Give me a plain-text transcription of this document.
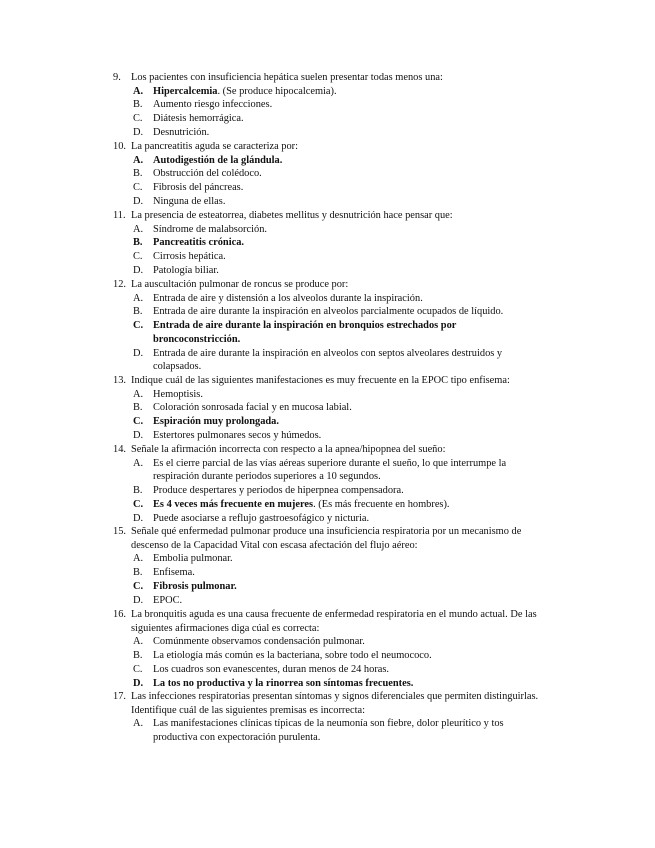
9. Los pacientes con insuficiencia hepática suelen presentar todas menos una:
A. Hipercalcemia. (Se produce hipocalcemia).
B. Aumento riesgo infecciones.
C. Diátesis hemorrágica.
D. Desnutrición.
10. La pancreatitis aguda se caracteriza por:
A. Autodigestión de la glándula.
B. Obstrucción del colédoco.
C. Fibrosis del páncreas.
D. Ninguna de ellas.
11. La presencia de esteatorrea, diabetes mellitus y desnutrición hace pensar que:
A. Síndrome de malabsorción.
B. Pancreatitis crónica.
C. Cirrosis hepática.
D. Patología biliar.
12. La auscultación pulmonar de roncus se produce por:
A. Entrada de aire y distensión a los alveolos durante la inspiración.
B. Entrada de aire durante la inspiración en alveolos parcialmente ocupados de líquido.
C. Entrada de aire durante la inspiración en bronquios estrechados por broncoconstricción.
D. Entrada de aire durante la inspiración en alveolos con septos alveolares destruidos y colapsados.
13. Indique cuál de las siguientes manifestaciones es muy frecuente en la EPOC tipo enfisema:
A. Hemoptisis.
B. Coloración sonrosada facial y en mucosa labial.
C. Espiración muy prolongada.
D. Estertores pulmonares secos y húmedos.
14. Señale la afirmación incorrecta con respecto a la apnea/hipopnea del sueño:
A. Es el cierre parcial de las vías aéreas superiore durante el sueño, lo que interrumpe la respiración durante periodos superiores a 10 segundos.
B. Produce despertares y periodos de hiperpnea compensadora.
C. Es 4 veces más frecuente en mujeres. (Es más frecuente en hombres).
D. Puede asociarse a reflujo gastroesofágico y nicturia.
15. Señale qué enfermedad pulmonar produce una insuficiencia respiratoria por un mecanismo de descenso de la Capacidad Vital con escasa afectación del flujo aéreo:
A. Embolia pulmonar.
B. Enfisema.
C. Fibrosis pulmonar.
D. EPOC.
16. La bronquitis aguda es una causa frecuente de enfermedad respiratoria en el mundo actual. De las siguientes afirmaciones diga cúal es correcta:
A. Comúnmente observamos condensación pulmonar.
B. La etiología más común es la bacteriana, sobre todo el neumococo.
C. Los cuadros son evanescentes, duran menos de 24 horas.
D. La tos no productiva y la rinorrea son síntomas frecuentes.
17. Las infecciones respiratorias presentan síntomas y signos diferenciales que permiten distinguirlas. Identifique cuál de las siguientes premisas es incorrecta:
A. Las manifestaciones clínicas típicas de la neumonía son fiebre, dolor pleurítico y tos productiva con expectoración purulenta.
